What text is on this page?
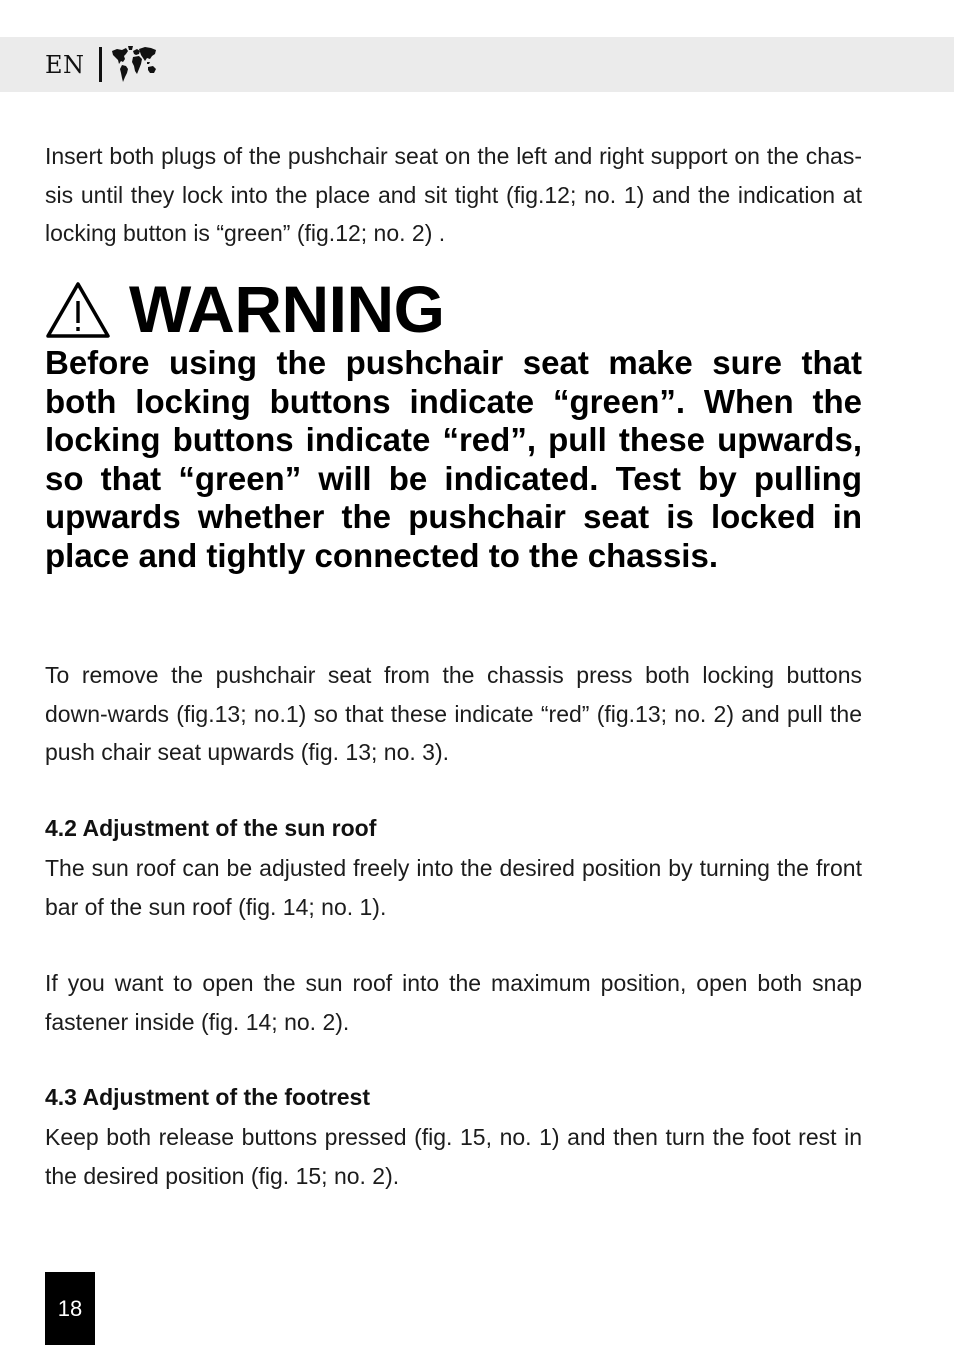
EN

Insert both plugs of the pushchair seat on the left and right support on the chas-sis until they lock into the place and sit tight (fig.12; no. 1) and the indication at locking button is “green” (fig.12; no. 2) .

WARNING

Before using the pushchair seat make sure that both locking buttons indicate “green”. When the locking buttons indicate “red”, pull these upwards, so that “green” will be indicated. Test by pulling upwards whether the pushchair seat is locked in place and tightly connected to the chassis.

To remove the pushchair seat from the chassis press both locking buttons down-wards (fig.13; no.1) so that these indicate “red” (fig.13; no. 2) and pull the push chair seat upwards (fig. 13; no. 3).

4.2 Adjustment of the sun roof

The sun roof can be adjusted freely into the desired position by turning the front bar of the sun roof (fig. 14; no. 1).

If you want to open the sun roof into the maximum position, open both snap fastener inside (fig. 14; no. 2).

4.3 Adjustment of the footrest

Keep both release buttons pressed (fig. 15, no. 1) and then turn the foot rest in the desired position (fig. 15; no. 2).

18
